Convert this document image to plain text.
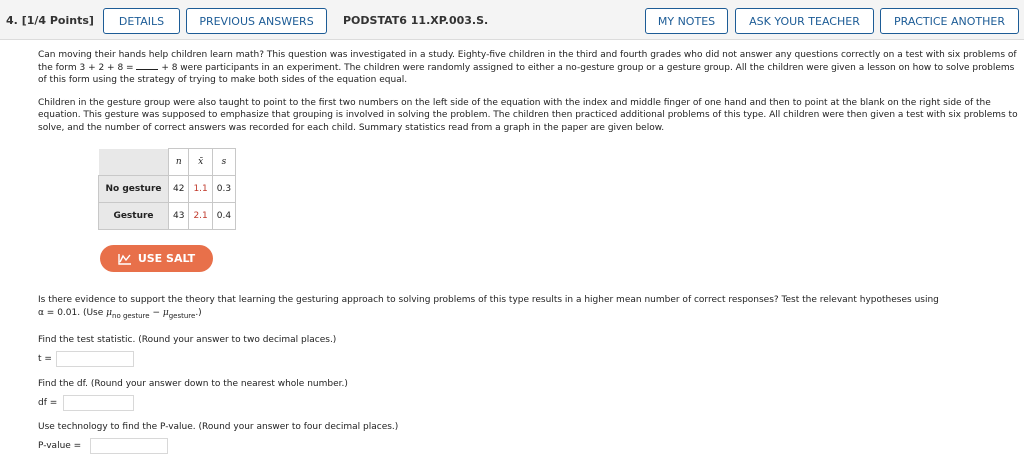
4. [1/4 Points]	DETAILS	PREVIOUS ANSWERS	PODSTAT6 11.XP.003.S.	MY NOTES	ASK YOUR TEACHER	PRACTICE ANOTHER

Can moving their hands help children learn math? This question was investigated in a study. Eighty-five children in the third and fourth grades who did not answer any questions correctly on a test with six problems of the form 3 + 2 + 8 =  + 8 were participants in an experiment. The children were randomly assigned to either a no-gesture group or a gesture group. All the children were given a lesson on how to solve problems of this form using the strategy of trying to make both sides of the equation equal.

Children in the gesture group were also taught to point to the first two numbers on the left side of the equation with the index and middle finger of one hand and then to point at the blank on the right side of the equation. This gesture was supposed to emphasize that grouping is involved in solving the problem. The children then practiced additional problems of this type. All children were then given a test with six problems to solve, and the number of correct answers was recorded for each child. Summary statistics read from a graph in the paper are given below.

	n	x̄	s
No gesture	42	1.1	0.3
Gesture	43	2.1	0.4
USE SALT
Is there evidence to support the theory that learning the gesturing approach to solving problems of this type results in a higher mean number of correct responses? Test the relevant hypotheses using
α = 0.01. (Use $\mu_{no gesture} - \mu_{gesture}$.)
Find the test statistic. (Round your answer to two decimal places.)
t =
Find the df. (Round your answer down to the nearest whole number.)
df =
Use technology to find the P-value. (Round your answer to four decimal places.)
P-value =
